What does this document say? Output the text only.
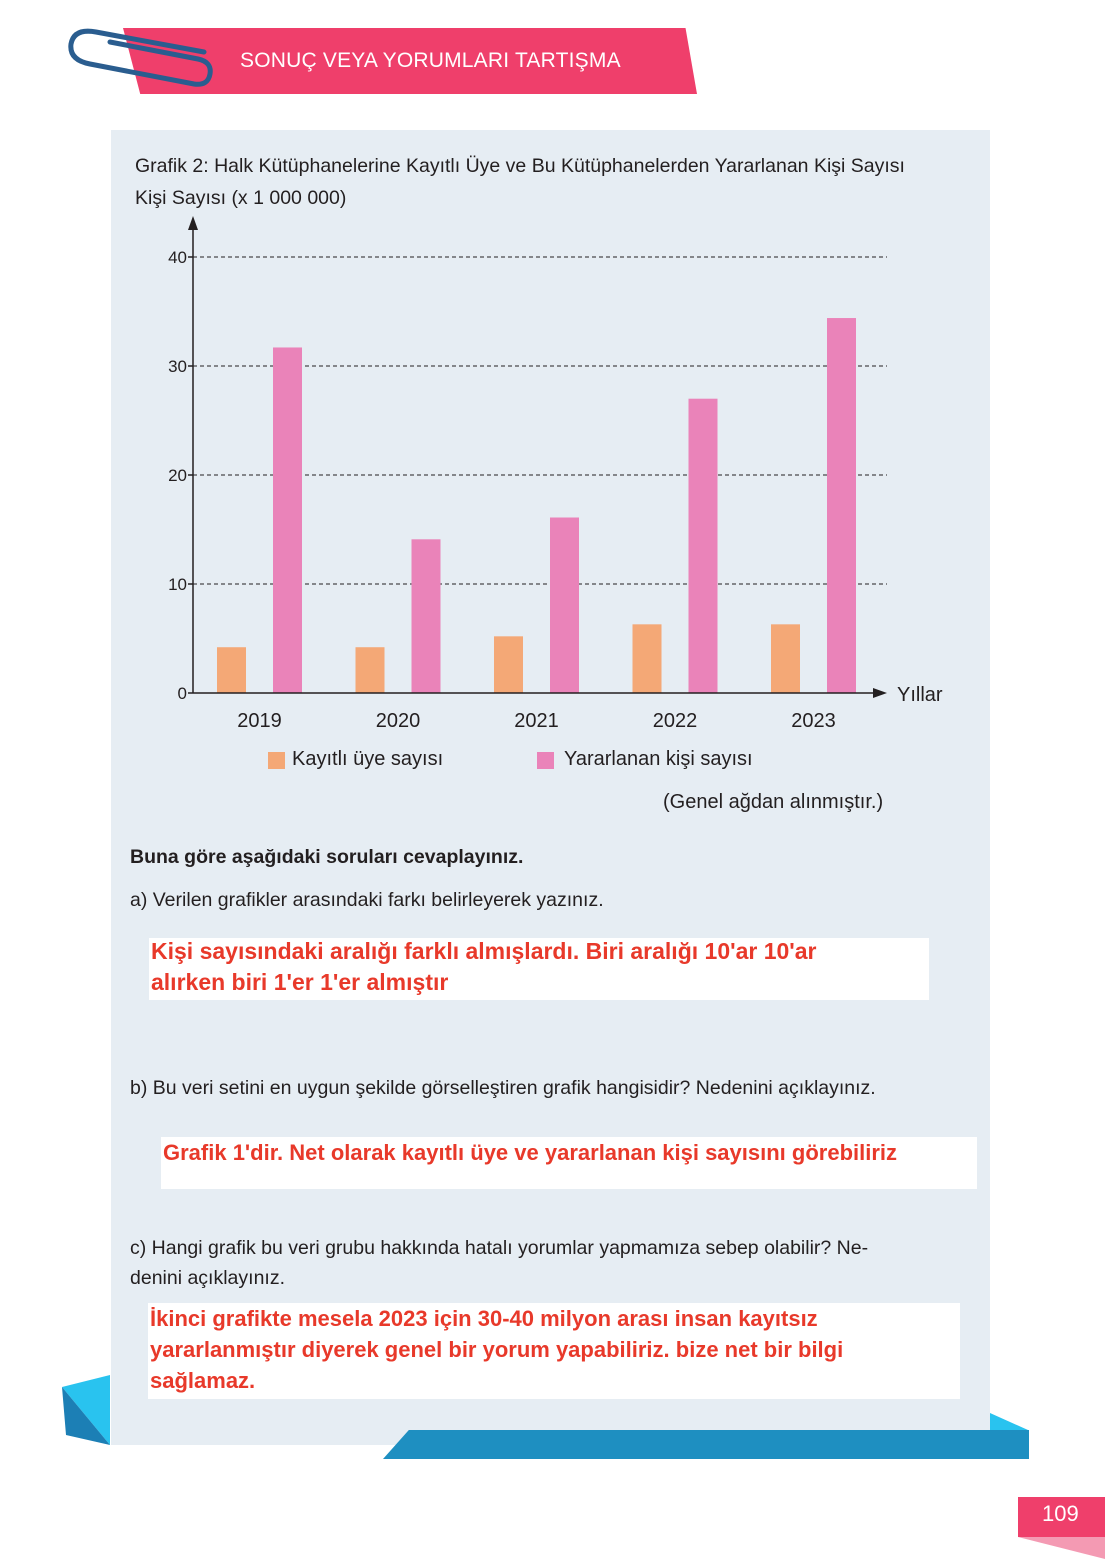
SONUÇ VEYA YORUMLARI TARTIŞMA
Grafik 2: Halk Kütüphanelerine Kayıtlı Üye ve Bu Kütüphanelerden Yararlanan Kişi Sayısı
Kişi Sayısı (x 1 000 000)
0
10
20
30
40
2019	2020	2021	2022	2023
Yıllar
Kayıtlı üye sayısı	Yararlanan kişi sayısı
(Genel ağdan alınmıştır.)
Buna göre aşağıdaki soruları cevaplayınız.
a) Verilen grafikler arasındaki farkı belirleyerek yazınız.
Kişi sayısındaki aralığı farklı almışlardı. Biri aralığı 10'ar 10'ar
alırken biri 1'er 1'er almıştır
b) Bu veri setini en uygun şekilde görselleştiren grafik hangisidir? Nedenini açıklayınız.
Grafik 1'dir. Net olarak kayıtlı üye ve yararlanan kişi sayısını görebiliriz
c) Hangi grafik bu veri grubu hakkında hatalı yorumlar yapmamıza sebep olabilir? Ne-
denini açıklayınız.
İkinci grafikte mesela 2023 için 30-40 milyon arası insan kayıtsız
yararlanmıştır diyerek genel bir yorum yapabiliriz. bize net bir bilgi
sağlamaz.
109
